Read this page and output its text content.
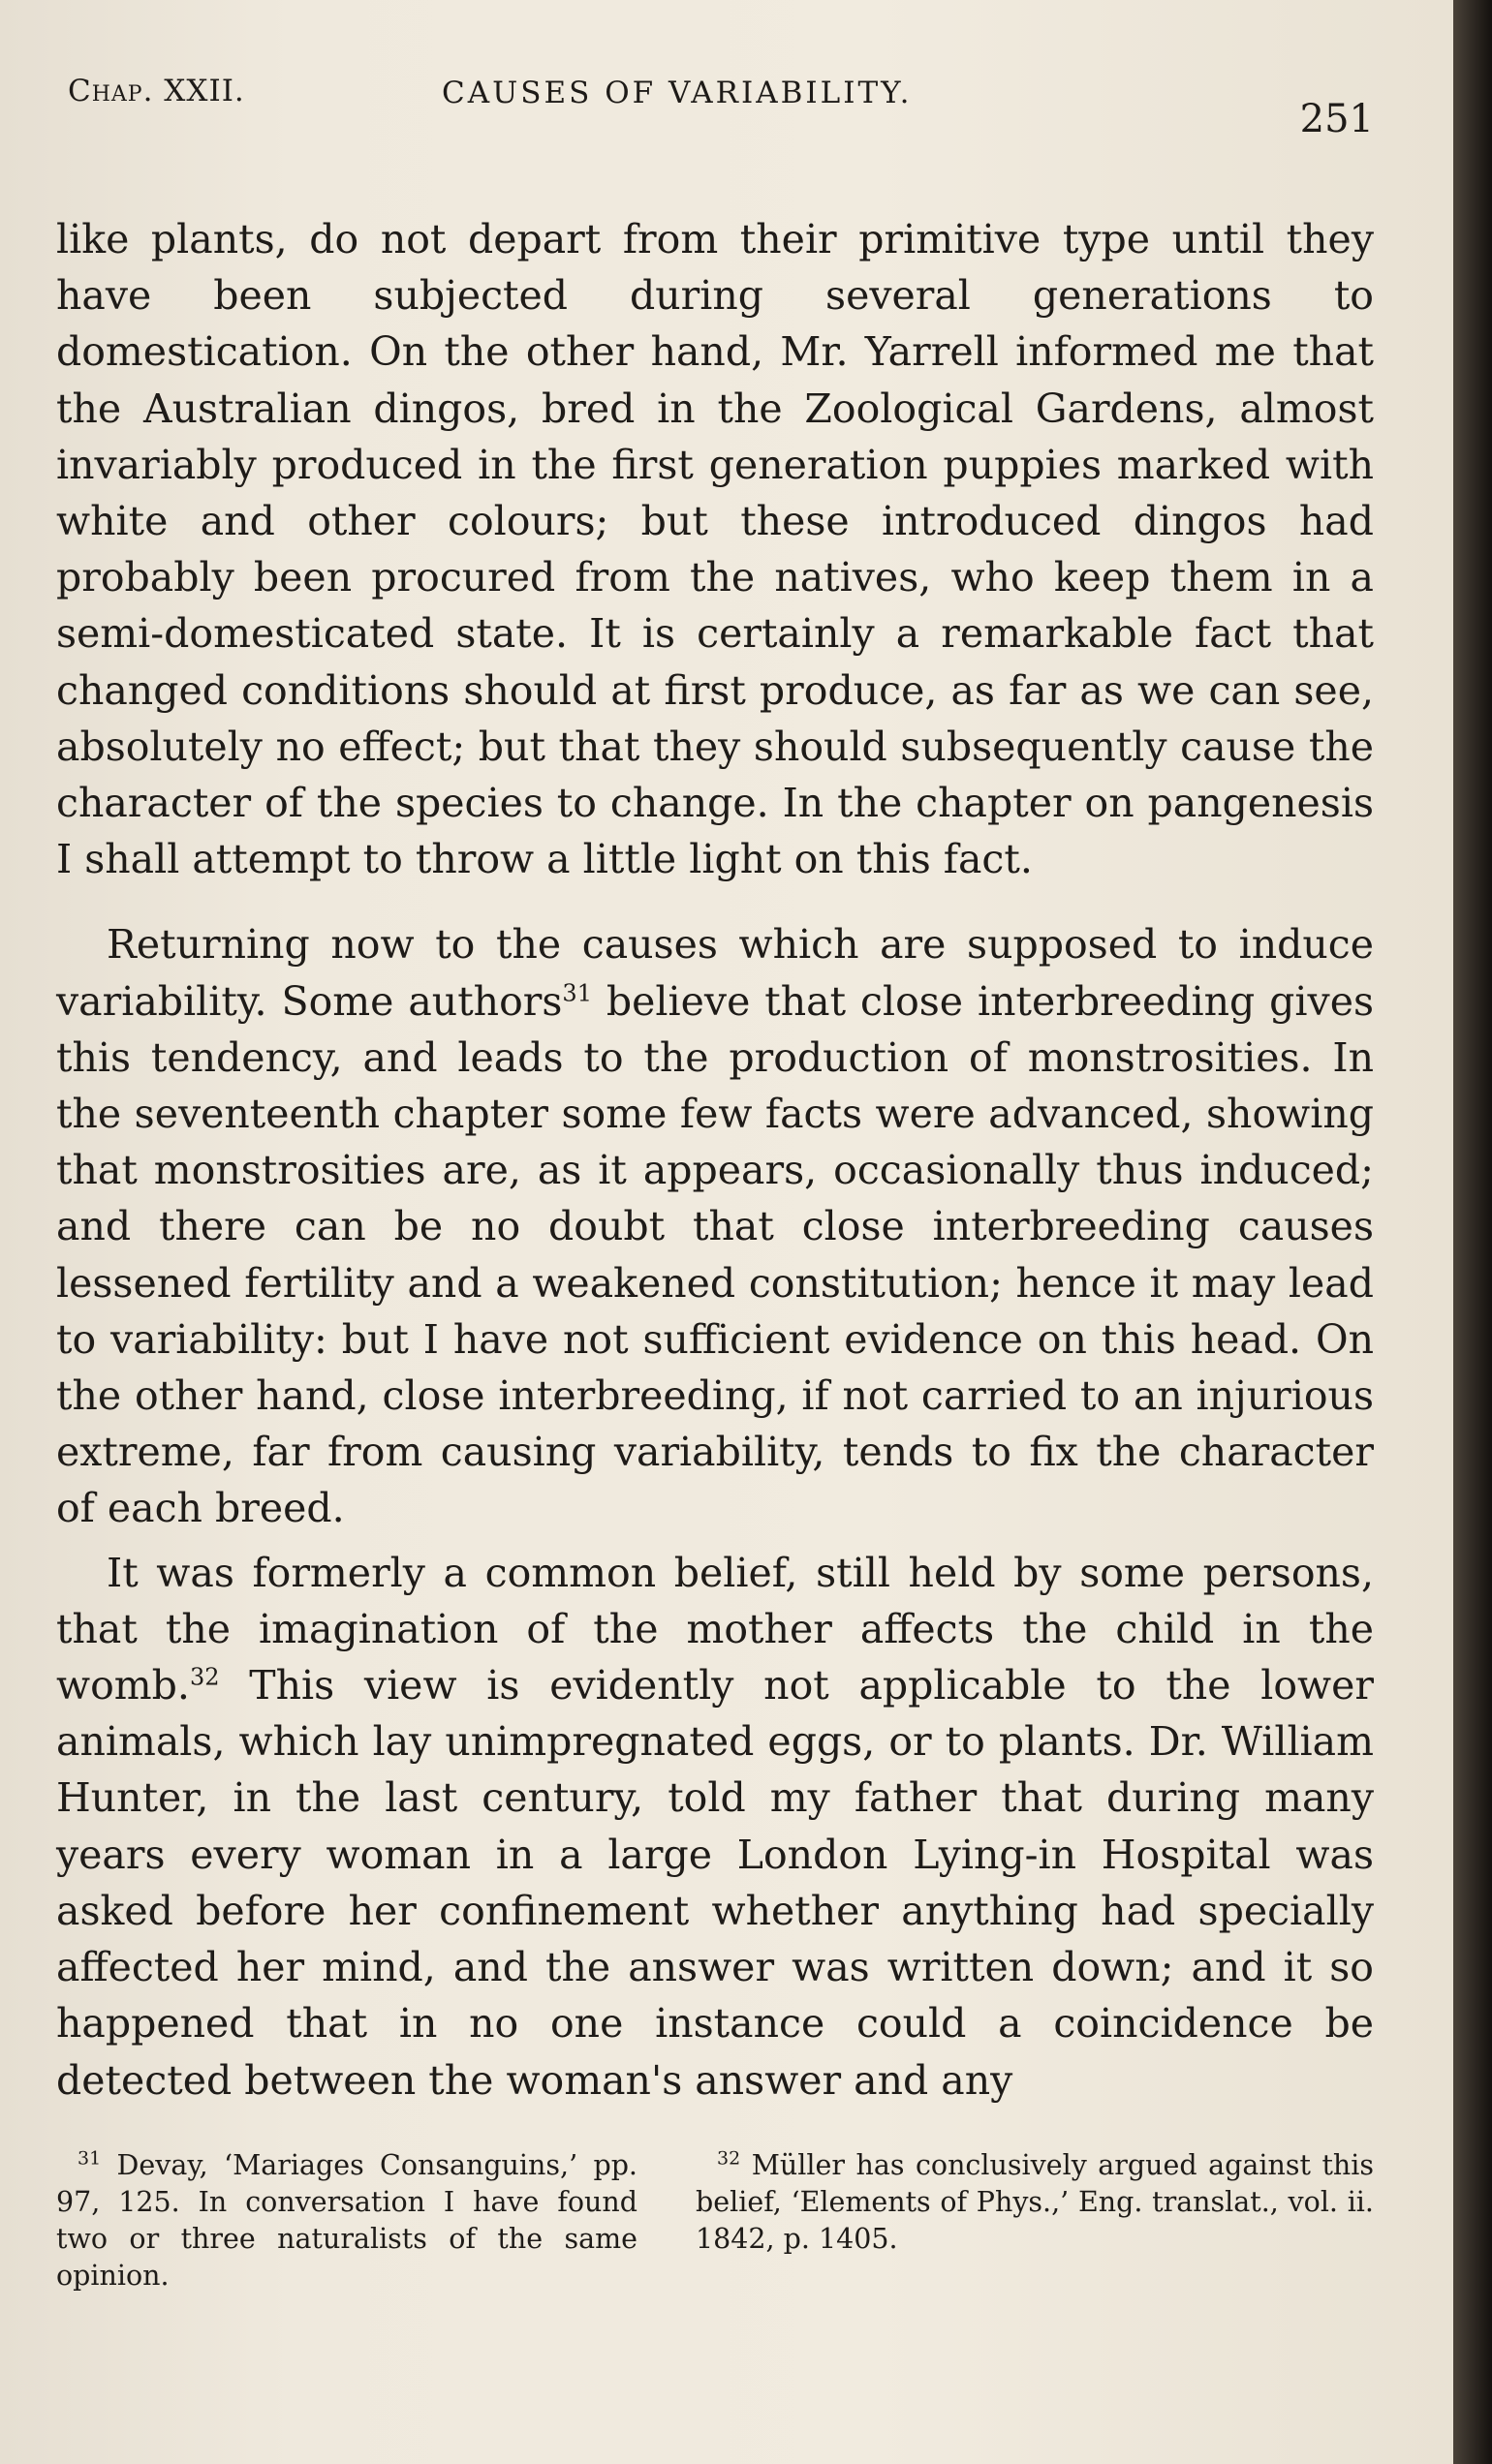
Chap. XXII.	CAUSES OF VARIABILITY.
251

like plants, do not depart from their primitive type until they have been subjected during several generations to domestication. On the other hand, Mr. Yarrell informed me that the Australian dingos, bred in the Zoological Gardens, almost invariably produced in the first generation puppies marked with white and other colours; but these introduced dingos had probably been procured from the natives, who keep them in a semi-domesticated state. It is certainly a remarkable fact that changed conditions should at first produce, as far as we can see, absolutely no effect; but that they should subsequently cause the character of the species to change. In the chapter on pangenesis I shall attempt to throw a little light on this fact.

Returning now to the causes which are supposed to induce variability. Some authors$^{31}$ believe that close interbreeding gives this tendency, and leads to the production of monstrosities. In the seventeenth chapter some few facts were advanced, showing that monstrosities are, as it appears, occasionally thus induced; and there can be no doubt that close interbreeding causes lessened fertility and a weakened constitution; hence it may lead to variability: but I have not sufficient evidence on this head. On the other hand, close interbreeding, if not carried to an injurious extreme, far from causing variability, tends to fix the character of each breed.

It was formerly a common belief, still held by some persons, that the imagination of the mother affects the child in the womb.$^{32}$ This view is evidently not applicable to the lower animals, which lay unimpregnated eggs, or to plants. Dr. William Hunter, in the last century, told my father that during many years every woman in a large London Lying-in Hospital was asked before her confinement whether anything had specially affected her mind, and the answer was written down; and it so happened that in no one instance could a coincidence be detected between the woman's answer and any

$^{31}$ Devay, ‘Mariages Consanguins,’ pp. 97, 125. In conversation I have found two or three naturalists of the same opinion.
$^{32}$ Müller has conclusively argued against this belief, ‘Elements of Phys.,’ Eng. translat., vol. ii. 1842, p. 1405.
